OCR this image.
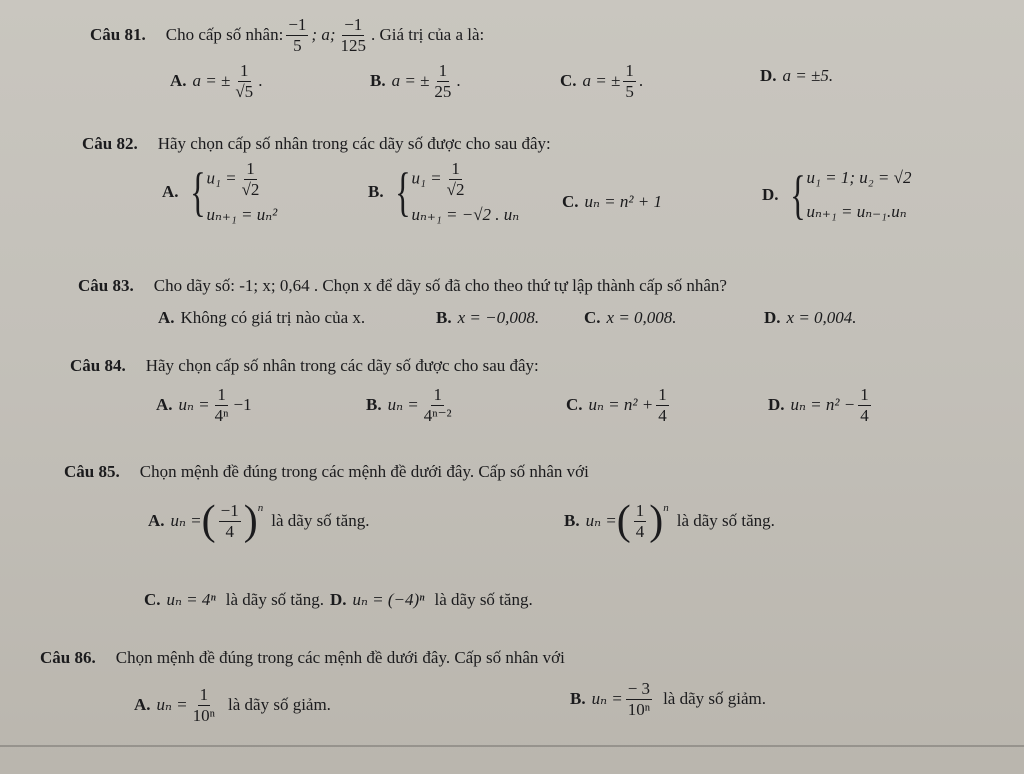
Câu 81. Cho cấp số nhân: $\frac{-1}{5}$ ; a; $\frac{-1}{125}$ . Giá trị của a là:
A. a = ± $\frac{1}{√5}$ .	B. a = ± $\frac{1}{25}$ .	C. a = ± $\frac{1}{5}$ .	D. a = ±5.
Câu 82. Hãy chọn cấp số nhân trong các dãy số được cho sau đây:
A. { $u_1 = \frac{1}{√2}$
uₙ₊₁ = uₙ²
B. { $u_1 = \frac{1}{√2}$
uₙ₊₁ = −√2 . uₙ
C. uₙ = n² + 1	D. { u₁ = 1; u₂ = √2
uₙ₊₁ = uₙ₋₁.uₙ
Câu 83. Cho dãy số: -1; x; 0,64 . Chọn x để dãy số đã cho theo thứ tự lập thành cấp số nhân?
A. Không có giá trị nào của x.	B. x = −0,008.	C. x = 0,008.	D. x = 0,004.
Câu 84. Hãy chọn cấp số nhân trong các dãy số được cho sau đây:
A. $u_n = \frac{1}{\text{4ⁿ}} -1$	B. $u_n = \frac{1}{\text{4ⁿ⁻²}}$	C. $u_n = n^2 + \frac{1}{4}$	D. $u_n = n^2 - \frac{1}{4}$
Câu 85. Chọn mệnh đề đúng trong các mệnh đề dưới đây. Cấp số nhân với
A. uₙ = ( $\frac{-1}{4} )^n$
là dãy số tăng.	B. uₙ = ( $\frac{1}{4} )^n$
là dãy số tăng.
C. uₙ = 4ⁿ là dãy số tăng. D. uₙ = (−4)ⁿ là dãy số tăng.
Câu 86. Chọn mệnh đề đúng trong các mệnh đề dưới đây. Cấp số nhân với
A. $u_n = \frac{1}{\text{10ⁿ}}$ là dãy số giảm.	B. $u_n = \frac{- 3}{\text{10ⁿ}}$ là dãy số giảm.
